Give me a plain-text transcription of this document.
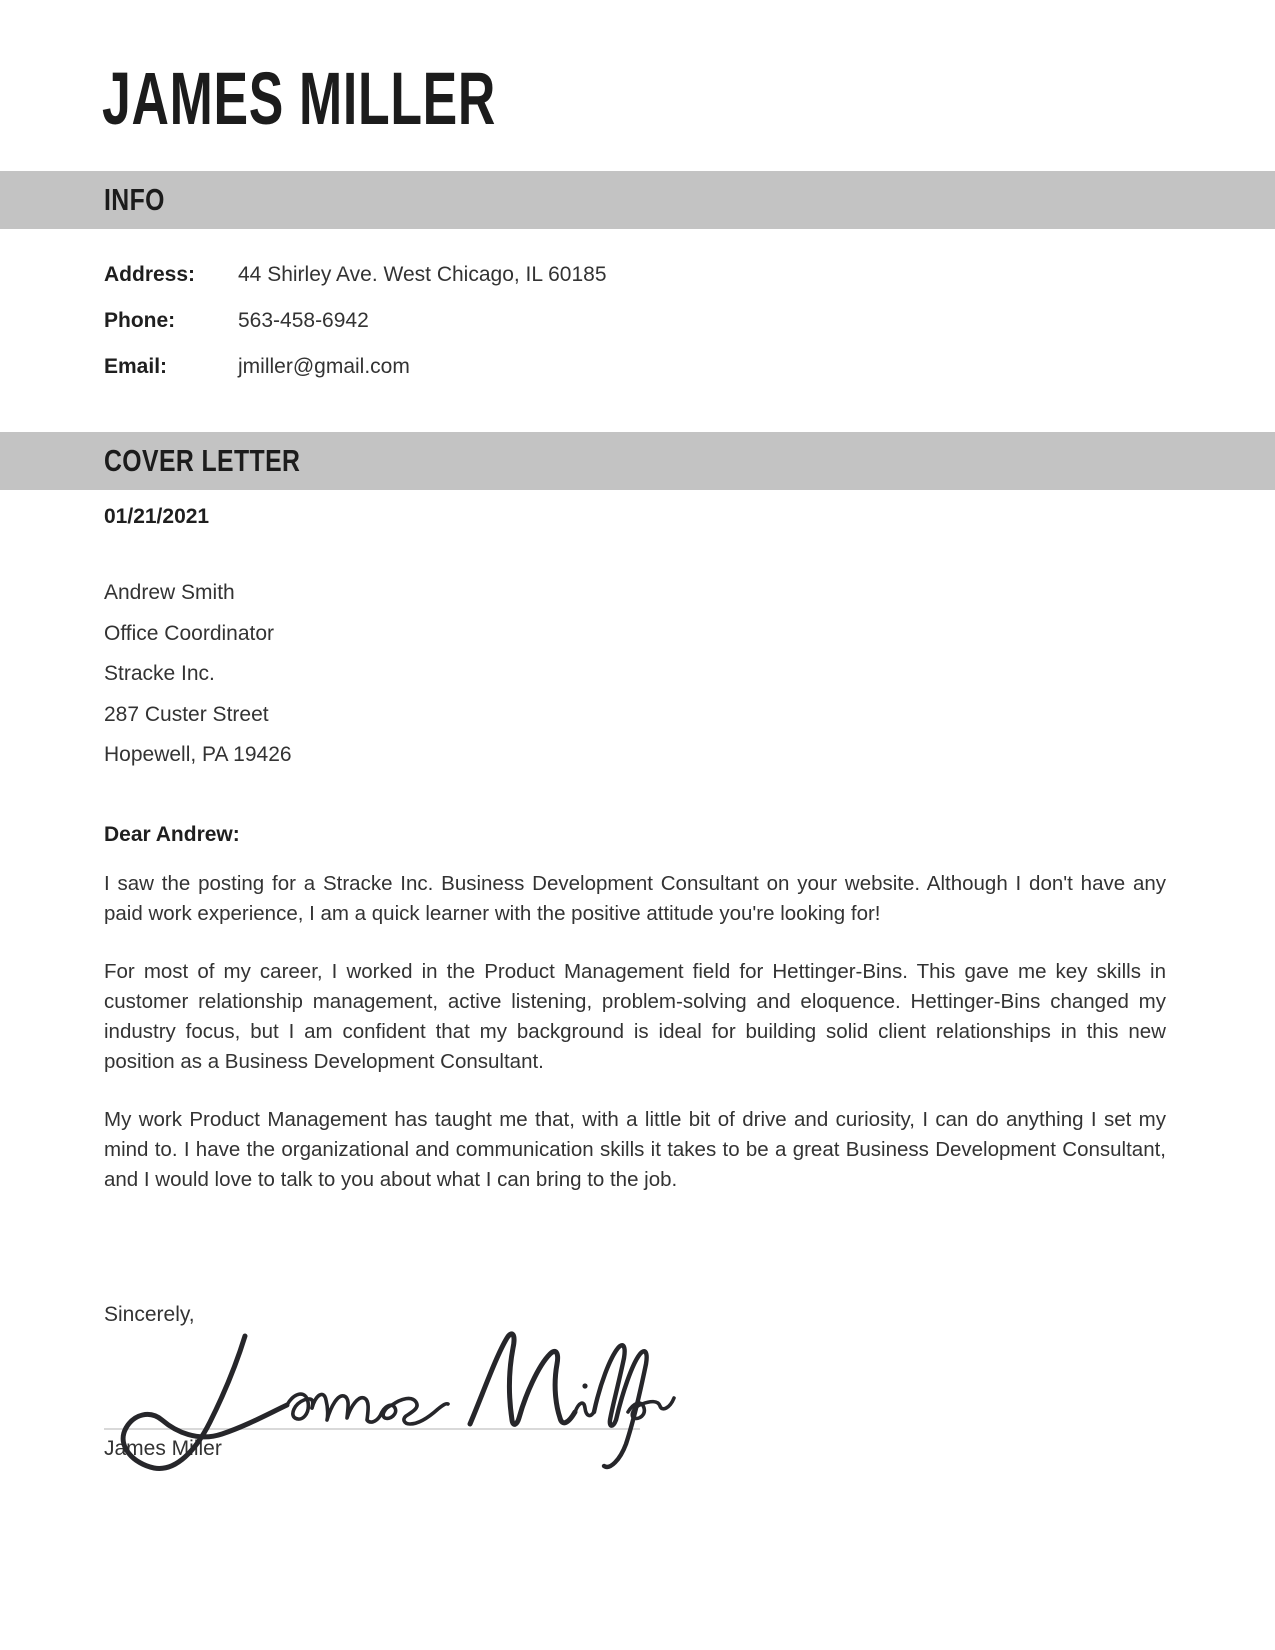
JAMES MILLER
INFO
Address:	44 Shirley Ave. West Chicago, IL 60185
Phone:	563-458-6942
Email:	jmiller@gmail.com
COVER LETTER
01/21/2021
Andrew Smith
Office Coordinator
Stracke Inc.
287 Custer Street
Hopewell, PA 19426
Dear Andrew:
I saw the posting for a Stracke Inc. Business Development Consultant on your website. Although I don't have any paid work experience, I am a quick learner with the positive attitude you're looking for!
For most of my career, I worked in the Product Management field for Hettinger-Bins. This gave me key skills in customer relationship management, active listening, problem-solving and eloquence. Hettinger-Bins changed my industry focus, but I am confident that my background is ideal for building solid client relationships in this new position as a Business Development Consultant.
My work Product Management has taught me that, with a little bit of drive and curiosity, I can do anything I set my mind to. I have the organizational and communication skills it takes to be a great Business Development Consultant, and I would love to talk to you about what I can bring to the job.
Sincerely,
James Miller
